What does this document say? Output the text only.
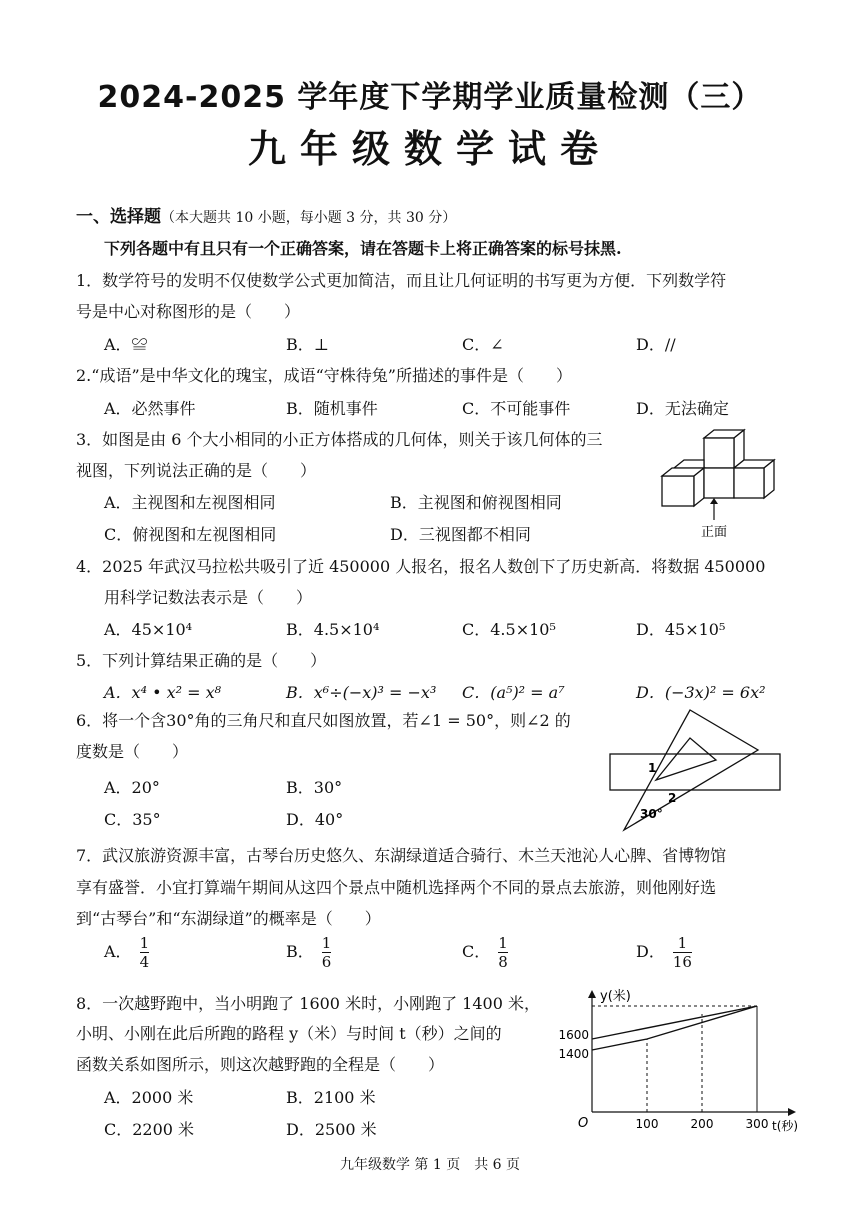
2024-2025 学年度下学期学业质量检测（三）
九年级数学试卷
一、选择题（本大题共 10 小题，每小题 3 分，共 30 分）
下列各题中有且只有一个正确答案，请在答题卡上将正确答案的标号抹黑.
1．数学符号的发明不仅使数学公式更加简洁，而且让几何证明的书写更为方便．下列数学符
号是中心对称图形的是（　　）
A．≌	B．⊥	C．∠	D．//
2.“成语”是中华文化的瑰宝，成语“守株待兔”所描述的事件是（　　）
A．必然事件	B．随机事件	C．不可能事件	D．无法确定
3．如图是由 6 个大小相同的小正方体搭成的几何体，则关于该几何体的三
视图，下列说法正确的是（　　）
A．主视图和左视图相同	B．主视图和俯视图相同
C．俯视图和左视图相同	D．三视图都不相同	正面
4．2025 年武汉马拉松共吸引了近 450000 人报名，报名人数创下了历史新高．将数据 450000
用科学记数法表示是（　　）
A．45×10⁴	B．4.5×10⁴	C．4.5×10⁵	D．45×10⁵
5．下列计算结果正确的是（　　）
A．x⁴ • x² = x⁸	B．x⁶÷(−x)³ = −x³ C．(a⁵)² = a⁷	D．(−3x)² = 6x²
6．将一个含30°角的三角尺和直尺如图放置，若∠1 = 50°，则∠2 的
度数是（　　）
A．20°	B．30°
C．35°	D．40°
1
2
30°
7．武汉旅游资源丰富，古琴台历史悠久、东湖绿道适合骑行、木兰天池沁人心脾、省博物馆
享有盛誉．小宜打算端午期间从这四个景点中随机选择两个不同的景点去旅游，则他刚好选
到“古琴台”和“东湖绿道”的概率是（　　）
A． $\frac{1}{4}$	B． $\frac{1}{6}$	C． $\frac{1}{8}$	D． $\frac{1}{16}$
8．一次越野跑中，当小明跑了 1600 米时，小刚跑了 1400 米，
小明、小刚在此后所跑的路程 y（米）与时间 t（秒）之间的
函数关系如图所示，则这次越野跑的全程是（　　）
A．2000 米	B．2100 米
C．2200 米	D．2500 米
y(米)
t(秒)
O	100	200	300
1400
1600
九年级数学 第 1 页　共 6 页
